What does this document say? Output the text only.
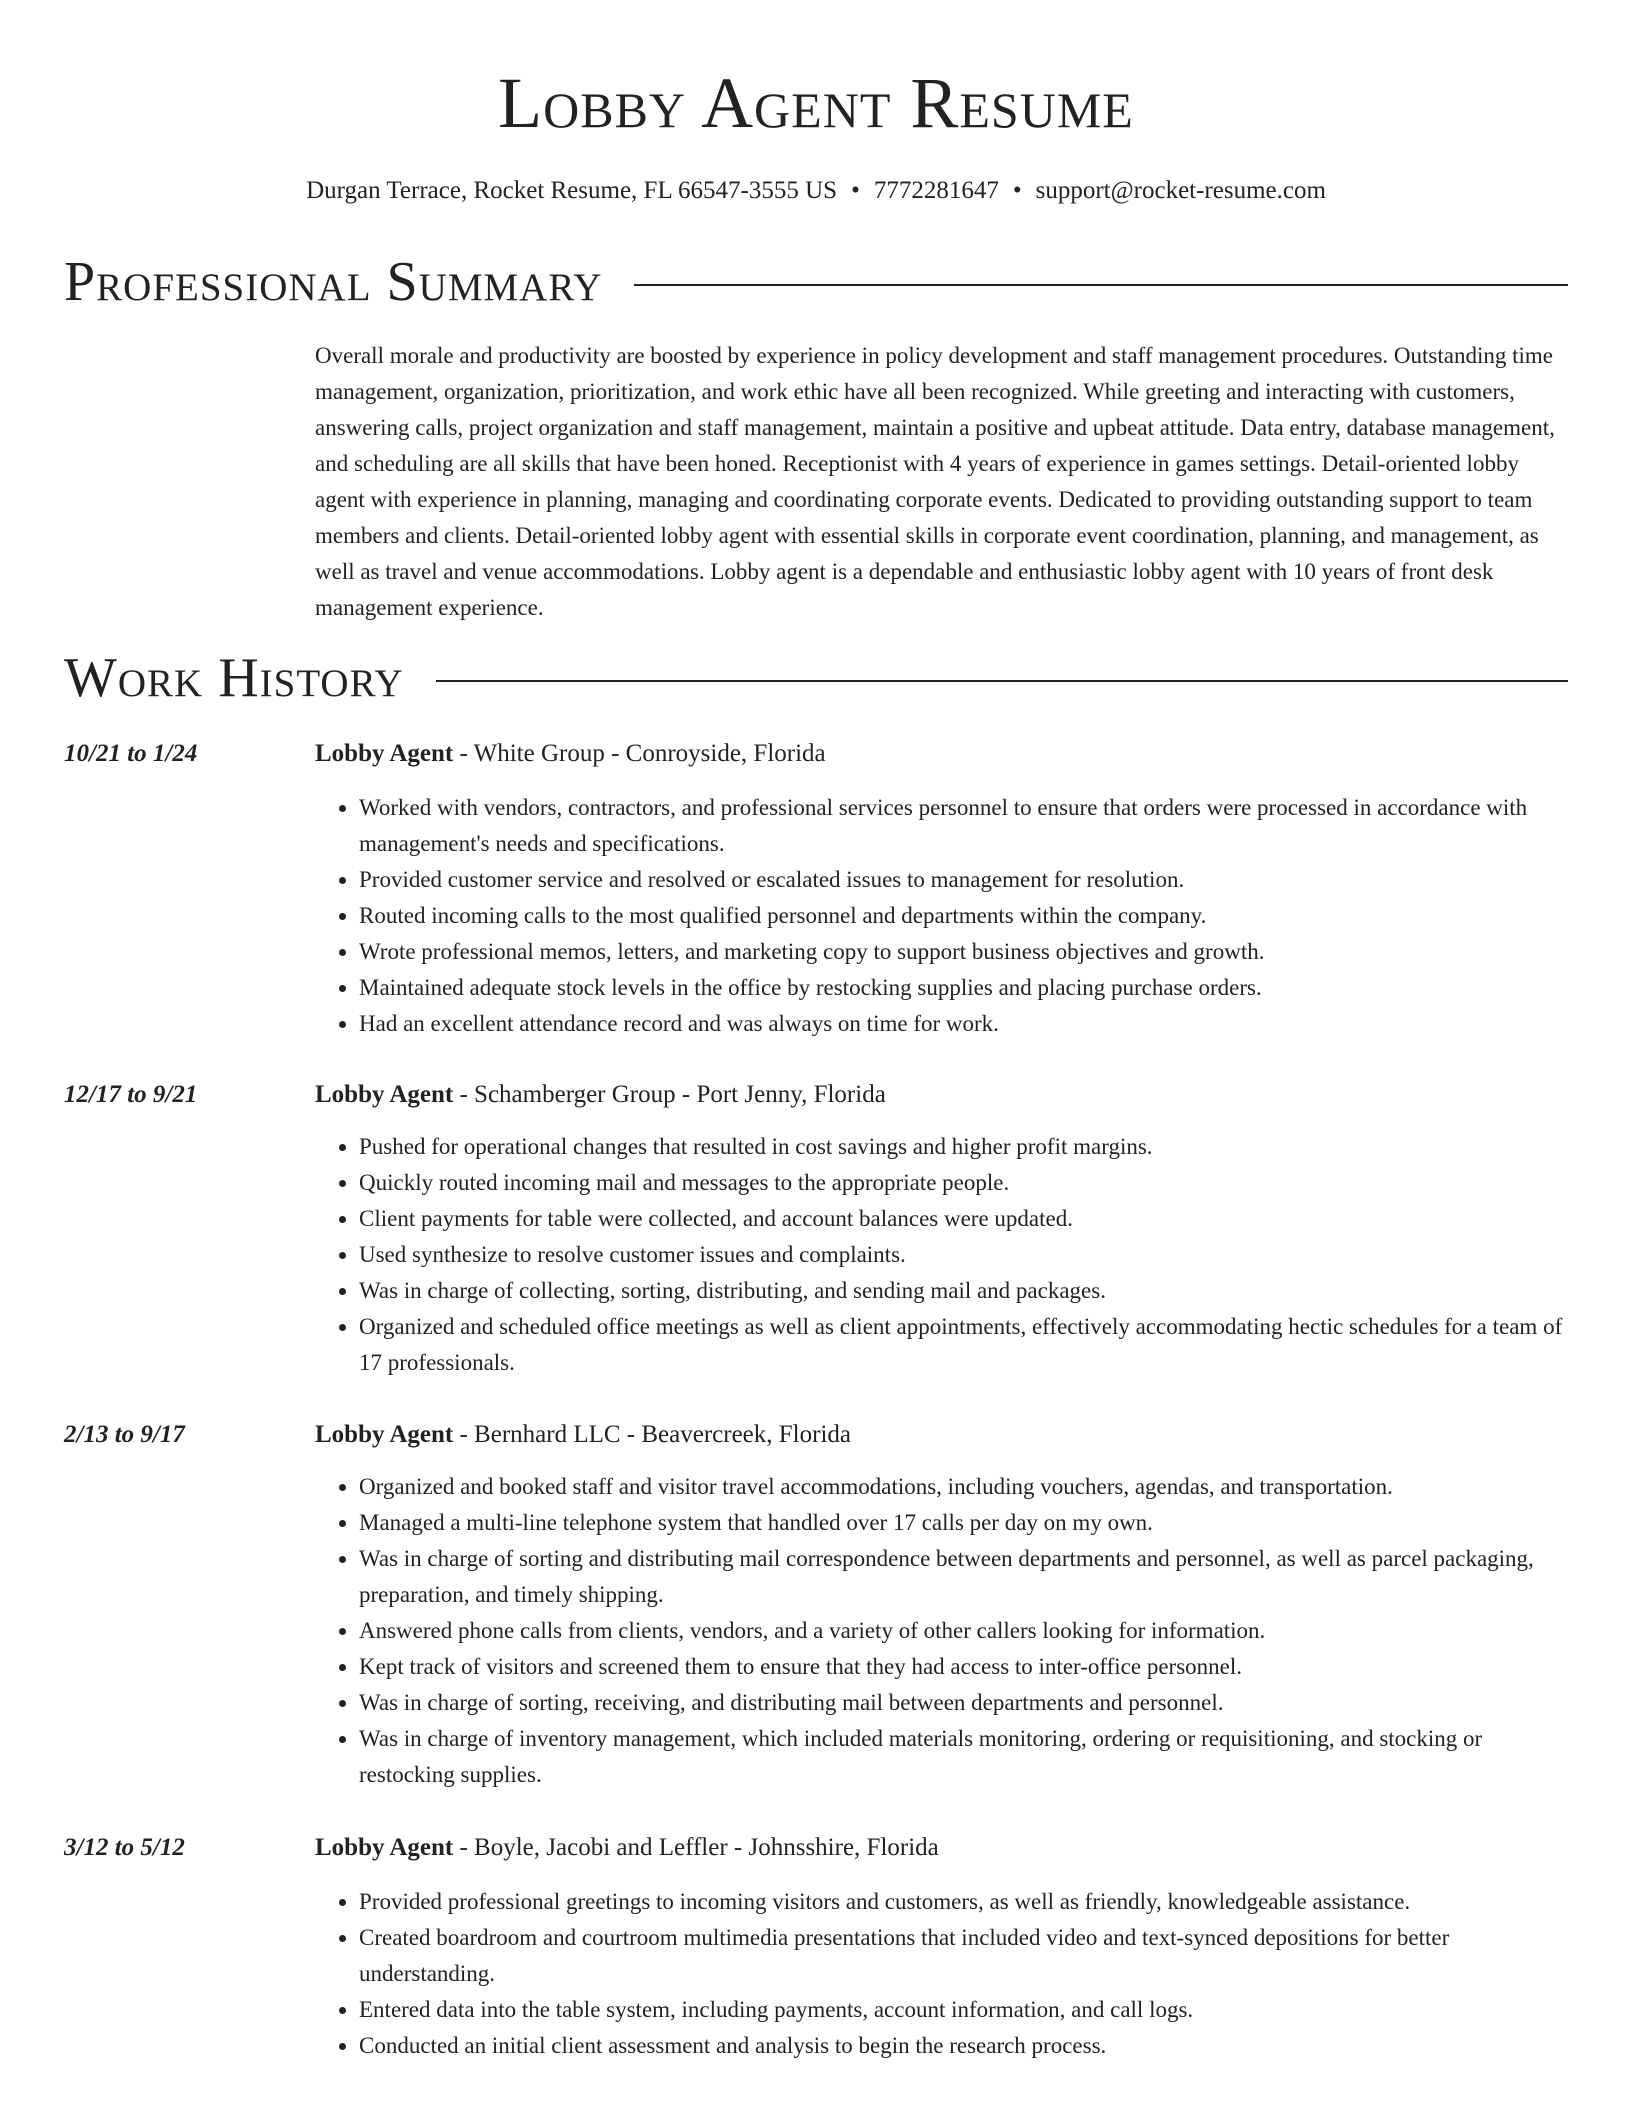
Lobby Agent Resume
Durgan Terrace, Rocket Resume, FL 66547-3555 US • 7772281647 • support@rocket-resume.com
Professional Summary

Overall morale and productivity are boosted by experience in policy development and staff management procedures. Outstanding time management, organization, prioritization, and work ethic have all been recognized. While greeting and interacting with customers, answering calls, project organization and staff management, maintain a positive and upbeat attitude. Data entry, database management, and scheduling are all skills that have been honed. Receptionist with 4 years of experience in games settings. Detail-oriented lobby agent with experience in planning, managing and coordinating corporate events. Dedicated to providing outstanding support to team members and clients. Detail-oriented lobby agent with essential skills in corporate event coordination, planning, and management, as well as travel and venue accommodations. Lobby agent is a dependable and enthusiastic lobby agent with 10 years of front desk management experience.

Work History
10/21 to 1/24	Lobby Agent - White Group - Conroyside, Florida
• Worked with vendors, contractors, and professional services personnel to ensure that orders were processed in accordance with management's needs and specifications.
• Provided customer service and resolved or escalated issues to management for resolution.
• Routed incoming calls to the most qualified personnel and departments within the company.
• Wrote professional memos, letters, and marketing copy to support business objectives and growth.
• Maintained adequate stock levels in the office by restocking supplies and placing purchase orders.
• Had an excellent attendance record and was always on time for work.
12/17 to 9/21	Lobby Agent - Schamberger Group - Port Jenny, Florida
• Pushed for operational changes that resulted in cost savings and higher profit margins.
• Quickly routed incoming mail and messages to the appropriate people.
• Client payments for table were collected, and account balances were updated.
• Used synthesize to resolve customer issues and complaints.
• Was in charge of collecting, sorting, distributing, and sending mail and packages.
• Organized and scheduled office meetings as well as client appointments, effectively accommodating hectic schedules for a team of 17 professionals.
2/13 to 9/17	Lobby Agent - Bernhard LLC - Beavercreek, Florida
• Organized and booked staff and visitor travel accommodations, including vouchers, agendas, and transportation.
• Managed a multi-line telephone system that handled over 17 calls per day on my own.
• Was in charge of sorting and distributing mail correspondence between departments and personnel, as well as parcel packaging, preparation, and timely shipping.
• Answered phone calls from clients, vendors, and a variety of other callers looking for information.
• Kept track of visitors and screened them to ensure that they had access to inter-office personnel.
• Was in charge of sorting, receiving, and distributing mail between departments and personnel.
• Was in charge of inventory management, which included materials monitoring, ordering or requisitioning, and stocking or restocking supplies.
3/12 to 5/12	Lobby Agent - Boyle, Jacobi and Leffler - Johnsshire, Florida
• Provided professional greetings to incoming visitors and customers, as well as friendly, knowledgeable assistance.
• Created boardroom and courtroom multimedia presentations that included video and text-synced depositions for better understanding.
• Entered data into the table system, including payments, account information, and call logs.
• Conducted an initial client assessment and analysis to begin the research process.
